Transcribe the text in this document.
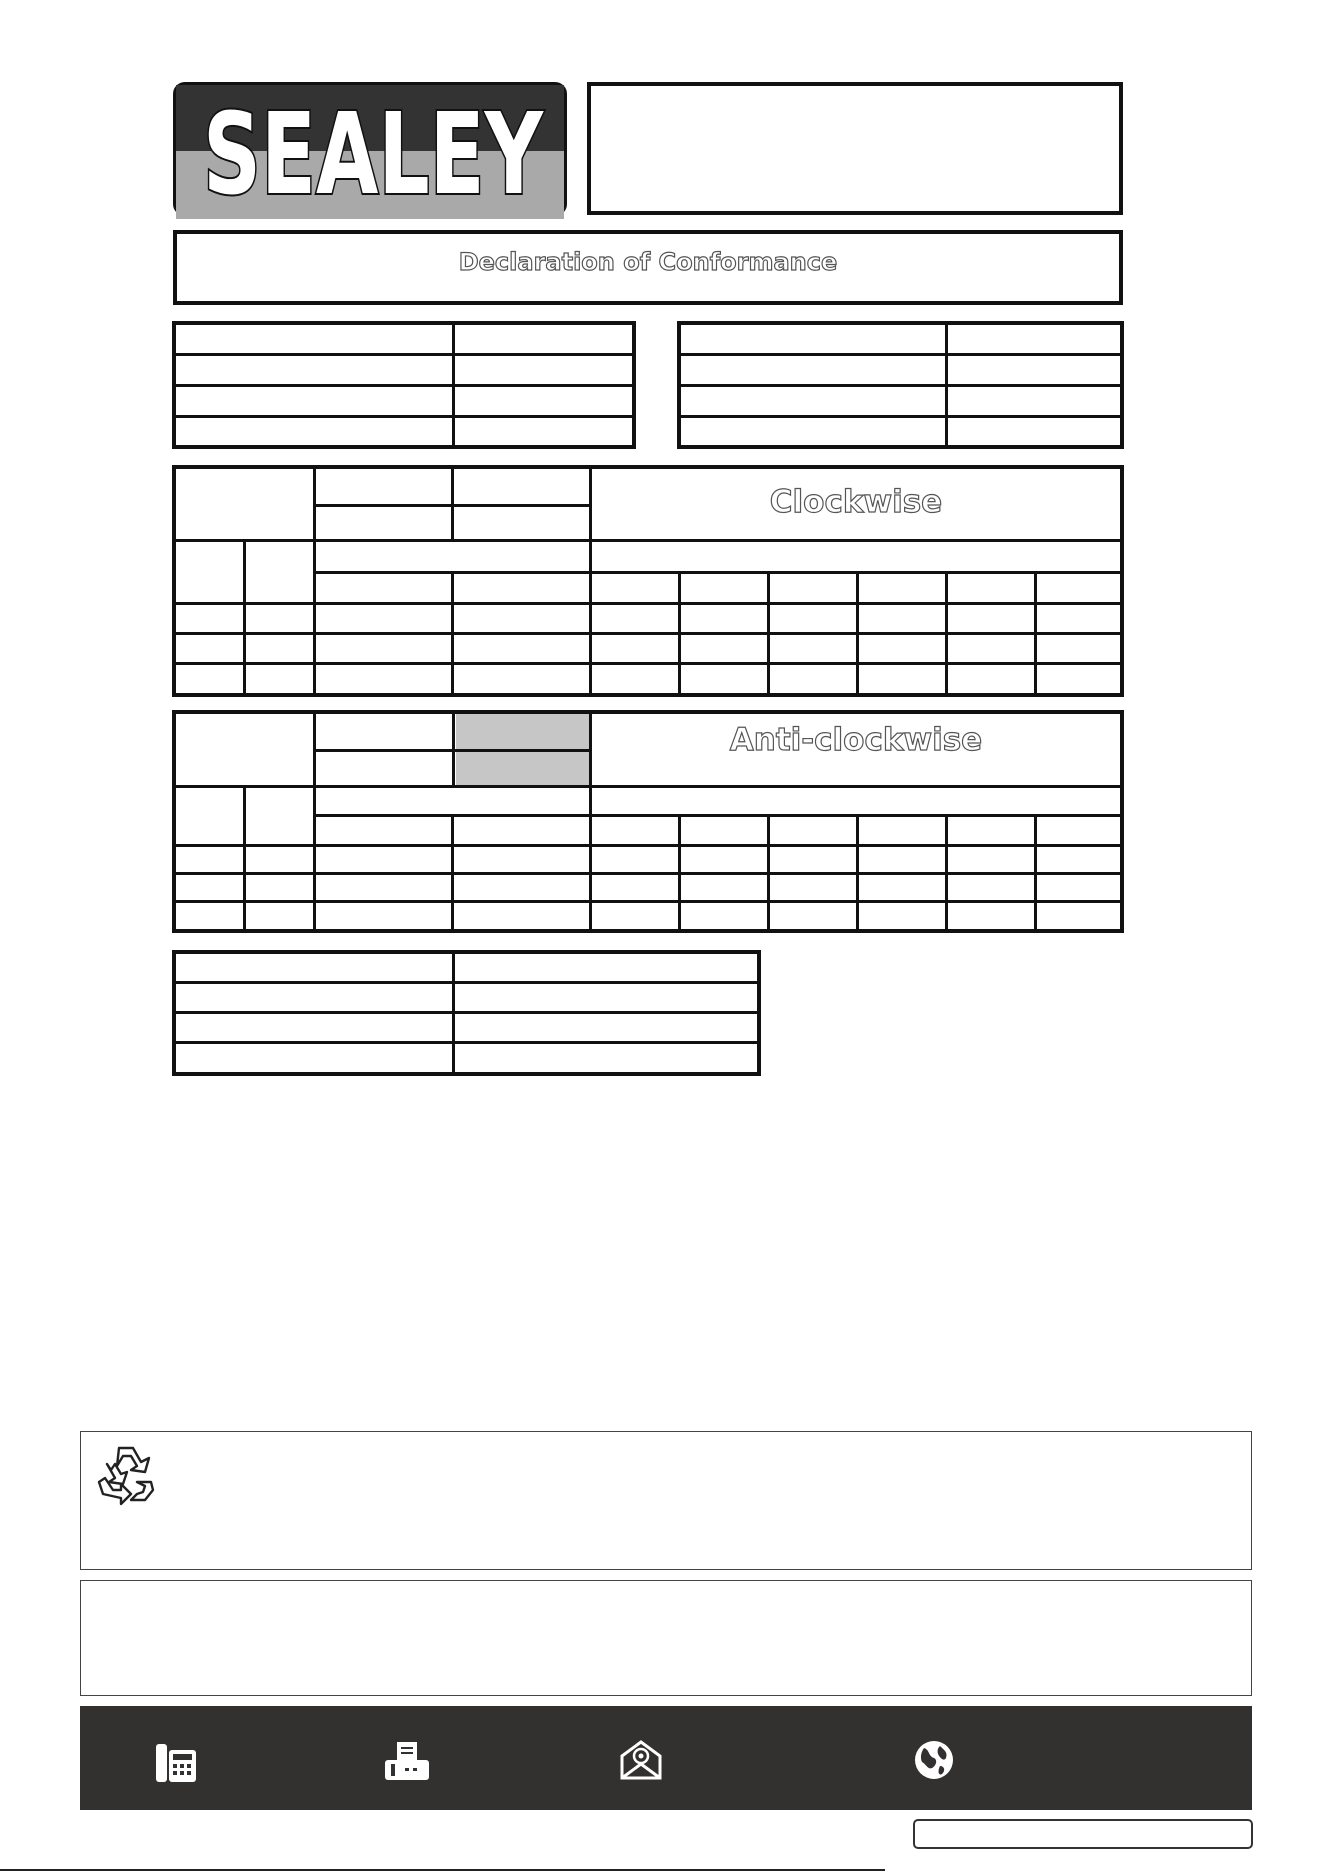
SEALEY
Declaration of Conformance
Clockwise
Anti-clockwise
